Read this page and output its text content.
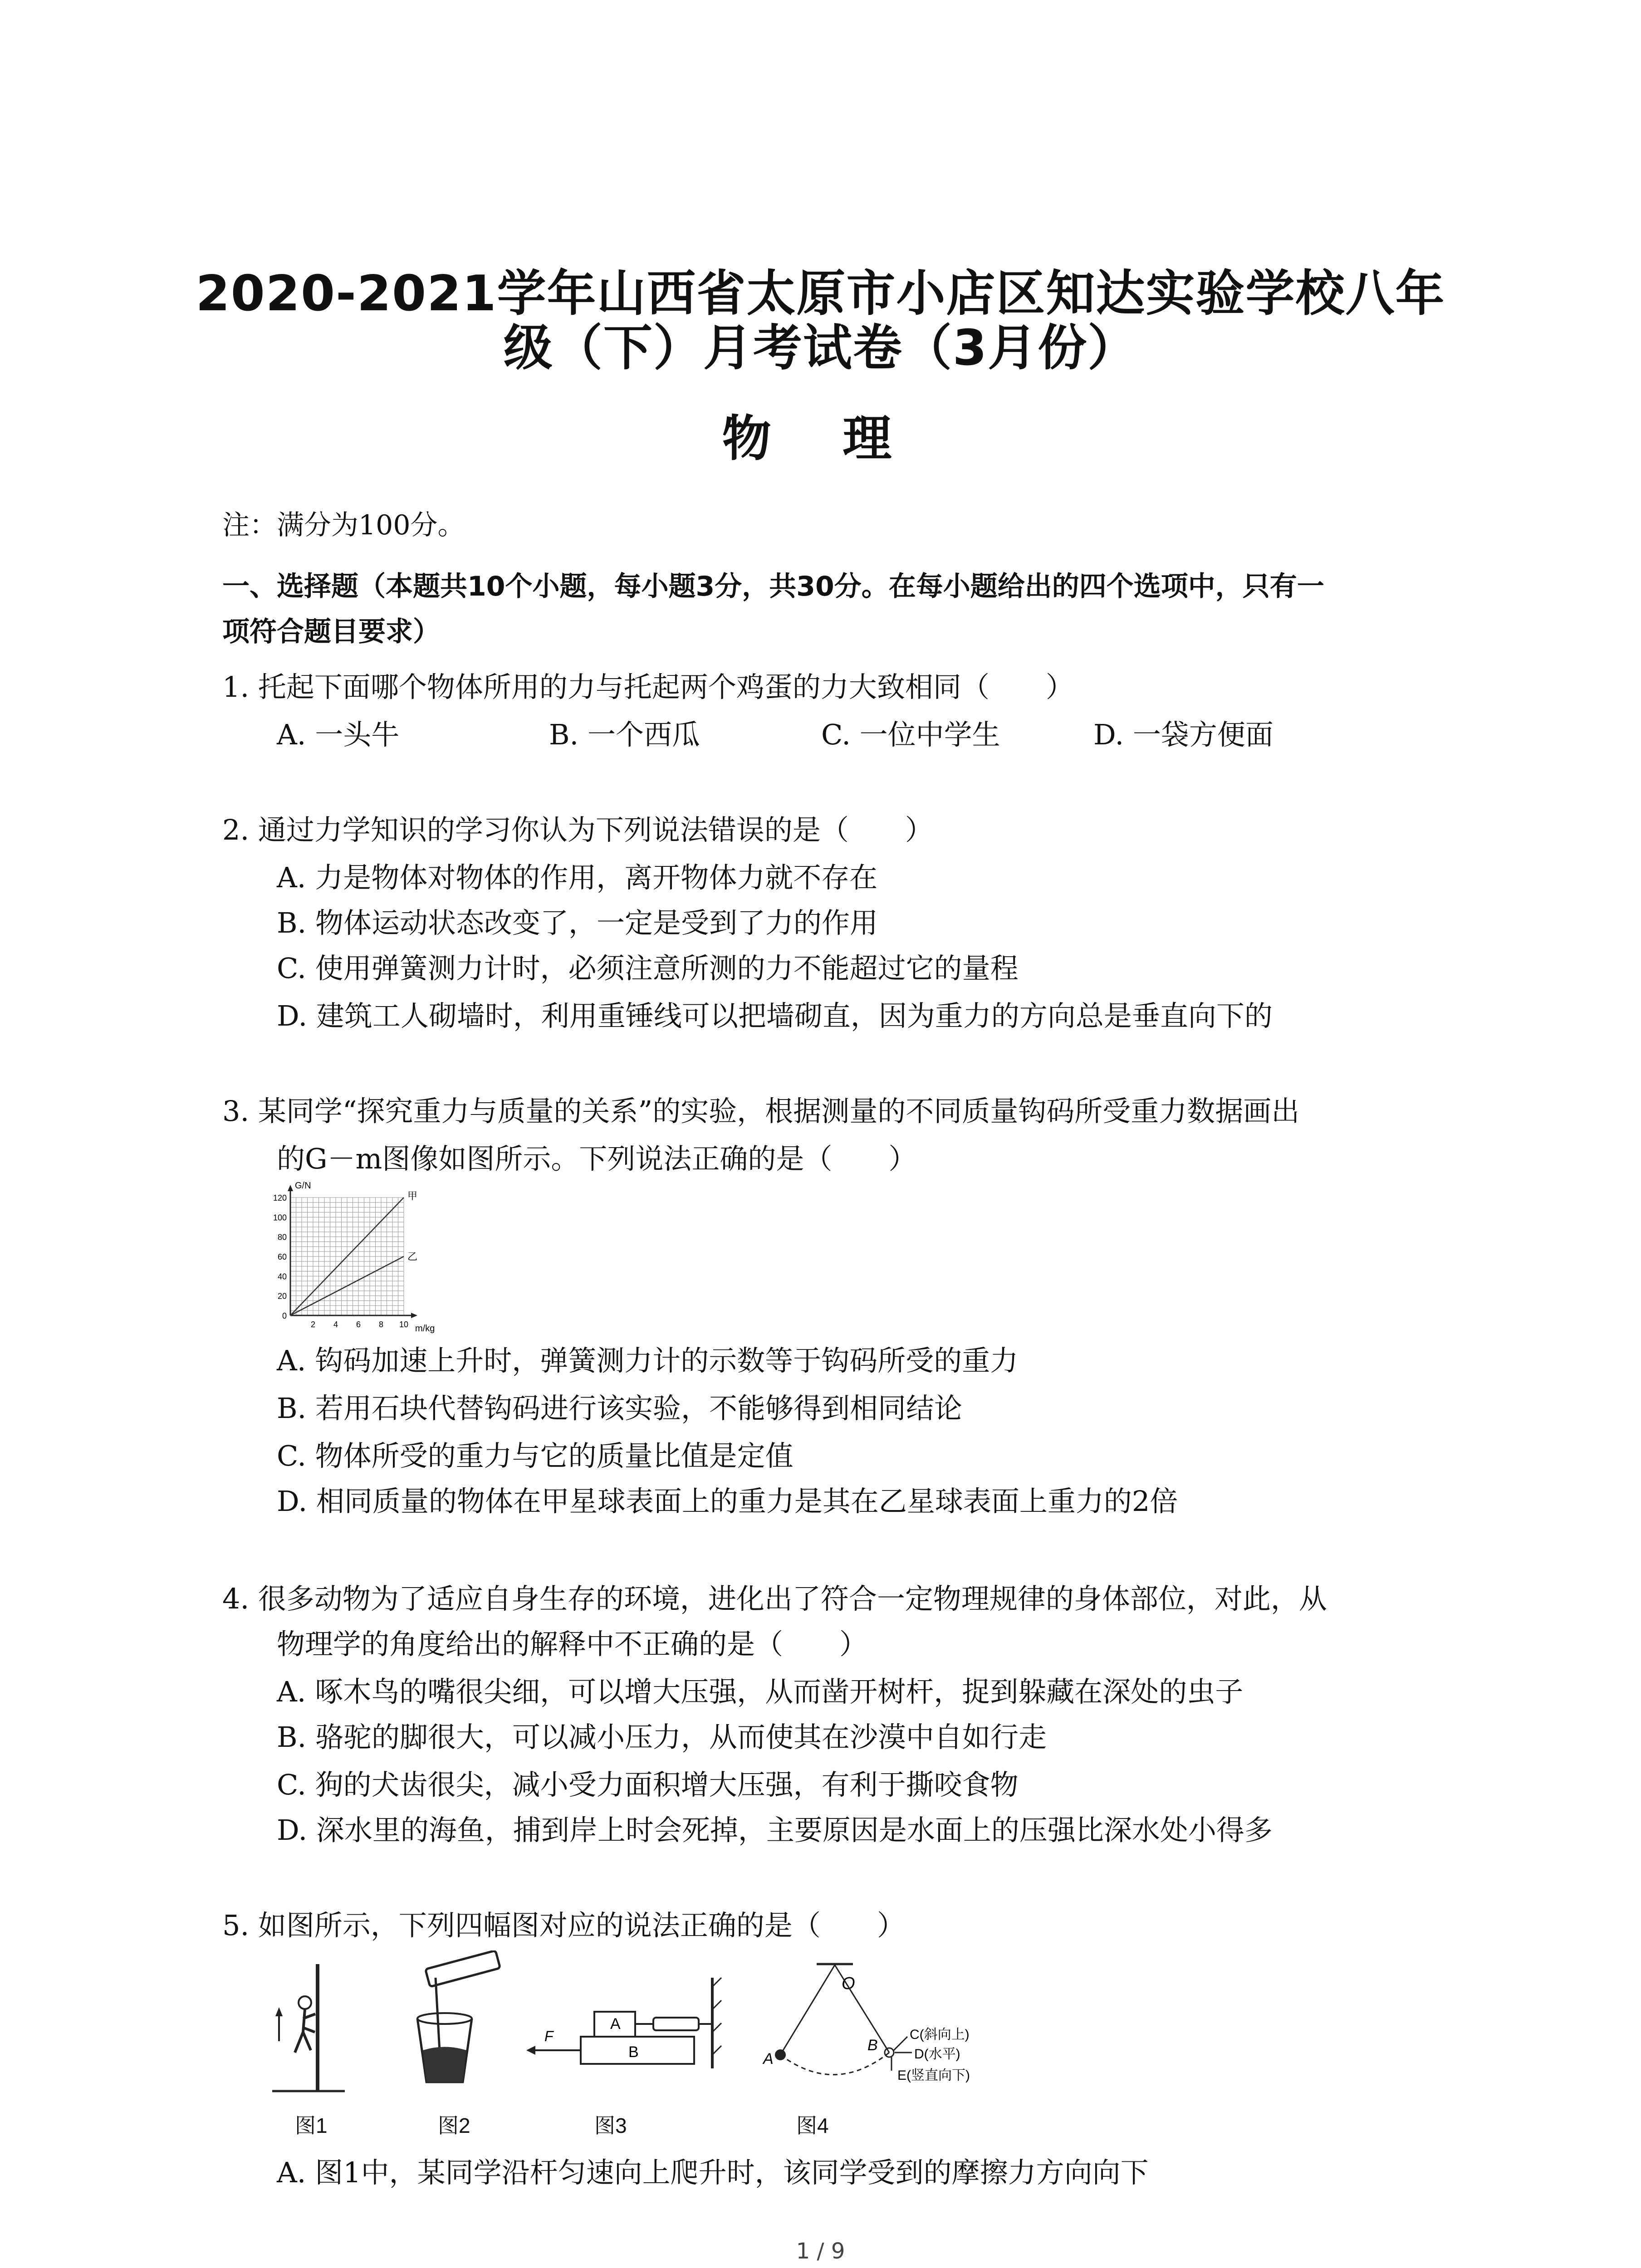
2020-2021学年山西省太原市小店区知达实验学校八年
级（下）月考试卷（3月份）
物 理
注：满分为100分。
一、选择题（本题共10个小题，每小题3分，共30分。在每小题给出的四个选项中，只有一
项符合题目要求）
1. 托起下面哪个物体所用的力与托起两个鸡蛋的力大致相同（　　）
A. 一头牛	B. 一个西瓜	C. 一位中学生	D. 一袋方便面
2. 通过力学知识的学习你认为下列说法错误的是（　　）
A. 力是物体对物体的作用，离开物体力就不存在
B. 物体运动状态改变了，一定是受到了力的作用
C. 使用弹簧测力计时，必须注意所测的力不能超过它的量程
D. 建筑工人砌墙时，利用重锤线可以把墙砌直，因为重力的方向总是垂直向下的
3. 某同学“探究重力与质量的关系”的实验，根据测量的不同质量钩码所受重力数据画出
的G－m图像如图所示。下列说法正确的是（　　）
G/N
m/kg
120
100
80
60
40
20
0
2 4 6 8 10
甲
乙
A. 钩码加速上升时，弹簧测力计的示数等于钩码所受的重力
B. 若用石块代替钩码进行该实验，不能够得到相同结论
C. 物体所受的重力与它的质量比值是定值
D. 相同质量的物体在甲星球表面上的重力是其在乙星球表面上重力的2倍
4. 很多动物为了适应自身生存的环境，进化出了符合一定物理规律的身体部位，对此，从
物理学的角度给出的解释中不正确的是（　　）
A. 啄木鸟的嘴很尖细，可以增大压强，从而凿开树杆，捉到躲藏在深处的虫子
B. 骆驼的脚很大，可以减小压力，从而使其在沙漠中自如行走
C. 狗的犬齿很尖，减小受力面积增大压强，有利于撕咬食物
D. 深水里的海鱼，捕到岸上时会死掉，主要原因是水面上的压强比深水处小得多
5. 如图所示，下列四幅图对应的说法正确的是（　　）
A
B
F
O
A
B
C(斜向上)
D(水平)
E(竖直向下)
图1	图2	图3	图4
A. 图1中，某同学沿杆匀速向上爬升时，该同学受到的摩擦力方向向下
1 / 9
